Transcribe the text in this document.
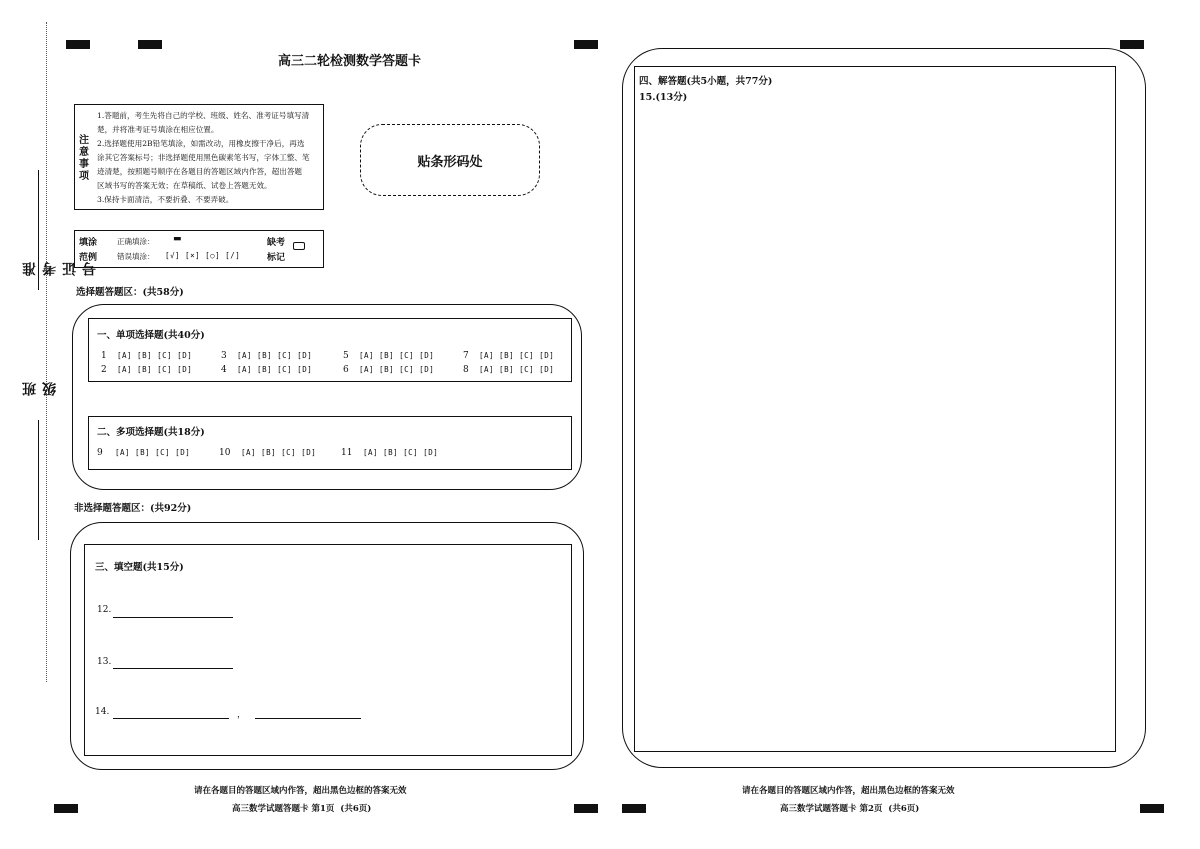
准考证号
班级
高三二轮检测数学答题卡
注意事项
1.答题前，考生先将自己的学校、班级、姓名、准考证号填写清
楚，并将准考证号填涂在相应位置。
2.选择题使用2B铅笔填涂，如需改动，用橡皮擦干净后，再选
涂其它答案标号；非选择题使用黑色碳素笔书写，字体工整、笔
迹清楚，按照题号顺序在各题目的答题区域内作答，超出答题
区域书写的答案无效；在草稿纸、试卷上答题无效。
3.保持卡面清洁，不要折叠、不要弄破。
贴条形码处
填涂
范例
正确填涂： ▬
错误填涂： [√] [×] [○] [/]
缺考
标记
选择题答题区：(共58分)
一、单项选择题(共40分)
1 [A] [B] [C] [D]	3 [A] [B] [C] [D]	5 [A] [B] [C] [D]	7 [A] [B] [C] [D]
2 [A] [B] [C] [D]	4 [A] [B] [C] [D]	6 [A] [B] [C] [D]	8 [A] [B] [C] [D]
二、多项选择题(共18分)
9 [A] [B] [C] [D]	10 [A] [B] [C] [D]	11 [A] [B] [C] [D]
非选择题答题区：(共92分)
三、填空题(共15分)
12.
13.
14.	，
请在各题目的答题区域内作答，超出黑色边框的答案无效
高三数学试题答题卡 第1页  (共6页)
四、解答题(共5小题，共77分)
15.(13分)
请在各题目的答题区域内作答，超出黑色边框的答案无效
高三数学试题答题卡 第2页  (共6页)
